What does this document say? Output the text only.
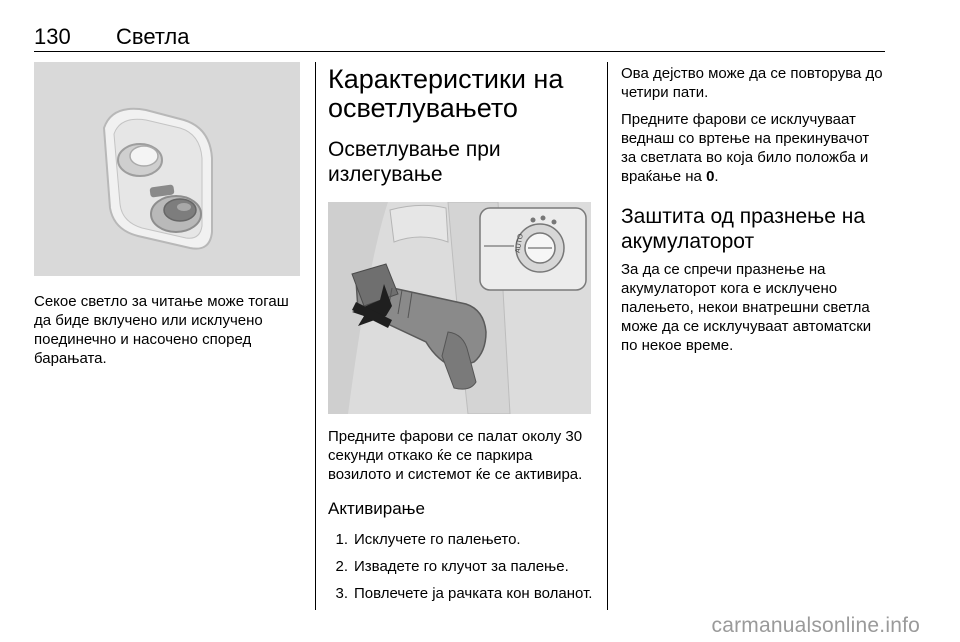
130 Светла

Секое светло за читање може тогаш да биде вклучено или исклучено поединечно и насочено според барањата.

Карактеристики на осветлувањето
Осветлување при излегување
AUTO

Предните фарови се палат околу 30 секунди откако ќе се паркира возилото и системот ќе се активира.

Активирање
1. Исклучете го палењето.
2. Извадете го клучот за палење.
3. Повлечете ја рачката кон воланот.

Ова дејство може да се повторува до четири пати.

Предните фарови се исклучуваат веднаш со вртење на прекинувачот за светлата во која било положба и враќање на 0.

Заштита од празнење на акумулаторот

За да се спречи празнење на акумулаторот кога е исклучено палењето, некои внатрешни светла може да се исклучуваат автоматски по некое време.

carmanualsonline.info
